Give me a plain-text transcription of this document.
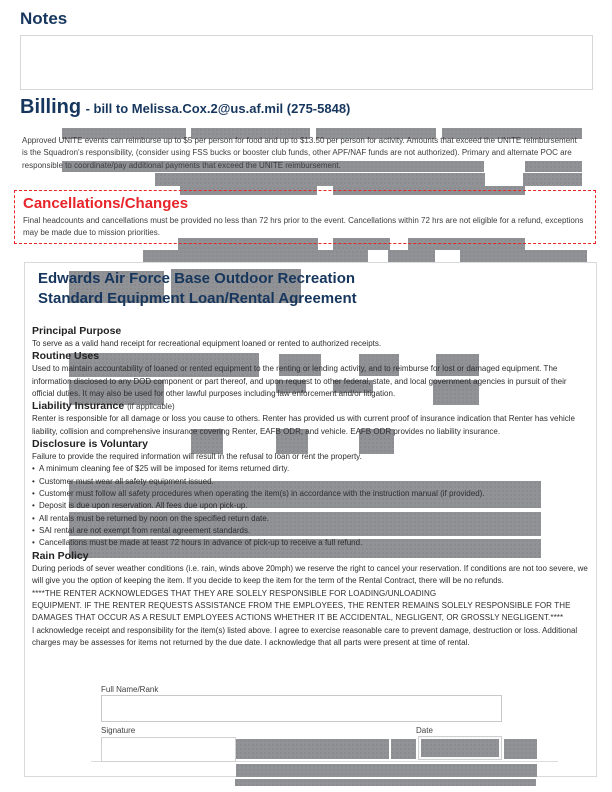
Notes
Billing - bill to Melissa.Cox.2@us.af.mil (275-5848)
Approved UNITE events can reimburse up to $5 per person for food and up to $13.50 per person for activity. Amounts that exceed the UNITE reimbursement is the Squadron's responsibility, (consider using FSS bucks or booster club funds, other APF/NAF funds are not authorized). Primary and alternate POC are responsible to coordinate/pay additional payments that exceed the UNITE reimbursement.
Cancellations/Changes
Final headcounts and cancellations must be provided no less than 72 hrs prior to the event. Cancellations within 72 hrs are not eligible for a refund, exceptions may be made due to mission priorities.
Edwards Air Force Base Outdoor Recreation
Standard Equipment Loan/Rental Agreement
Principal Purpose

To serve as a valid hand receipt for recreational equipment loaned or rented to authorized receipts.

Routine Uses

Used to maintain accountability of loaned or rented equipment to the renting or lending activity, and to reimburse for lost or damaged equipment. The information disclosed to any DOD component or part thereof, and upon request to other federal, state, and local government agencies in pursuit of their official duties. It may also be used for other lawful purposes including law enforcement and/or litigation.

Liability Insurance (if applicable)

Renter is responsible for all damage or loss you cause to others. Renter has provided us with current proof of insurance indication that Renter has vehicle liability, collision and comprehensive insurance covering Renter, EAFB ODR, and vehicle. EAFB ODR provides no liability insurance.

Disclosure is Voluntary

Failure to provide the required information will result in the refusal to loan or rent the property.

• A minimum cleaning fee of $25 will be imposed for items returned dirty.
• Customer must wear all safety equipment issued.
• Customer must follow all safety procedures when operating the item(s) in accordance with the instruction manual (if provided).
• Deposit is due upon reservation. All fees due upon pick-up.
• All rentals must be returned by noon on the specified return date.
• SAI rental are not exempt from rental agreement standards.
• Cancellations must be made at least 72 hours in advance of pick-up to receive a full refund.
Rain Policy

During periods of sever weather conditions (i.e. rain, winds above 20mph) we reserve the right to cancel your reservation. If conditions are not too severe, we will give you the option of keeping the item. If you decide to keep the item for the term of the Rental Contract, there will be no refunds.

****THE RENTER ACKNOWLEDGES THAT THEY ARE SOLELY RESPONSIBLE FOR LOADING/UNLOADING

EQUIPMENT. IF THE RENTER REQUESTS ASSISTANCE FROM THE EMPLOYEES, THE RENTER REMAINS SOLELY RESPONSIBLE FOR THE DAMAGES THAT OCCUR AS A RESULT EMPLOYEES ACTIONS WHETHER IT BE ACCIDENTAL, NEGLIGENT, OR GROSSLY NEGLIGENT.****

I acknowledge receipt and responsibility for the item(s) listed above. I agree to exercise reasonable care to prevent damage, destruction or loss. Additional charges may be assesses for items not returned by the due date. I acknowledge that all parts were present at time of rental.

Full Name/Rank
Signature	Date
